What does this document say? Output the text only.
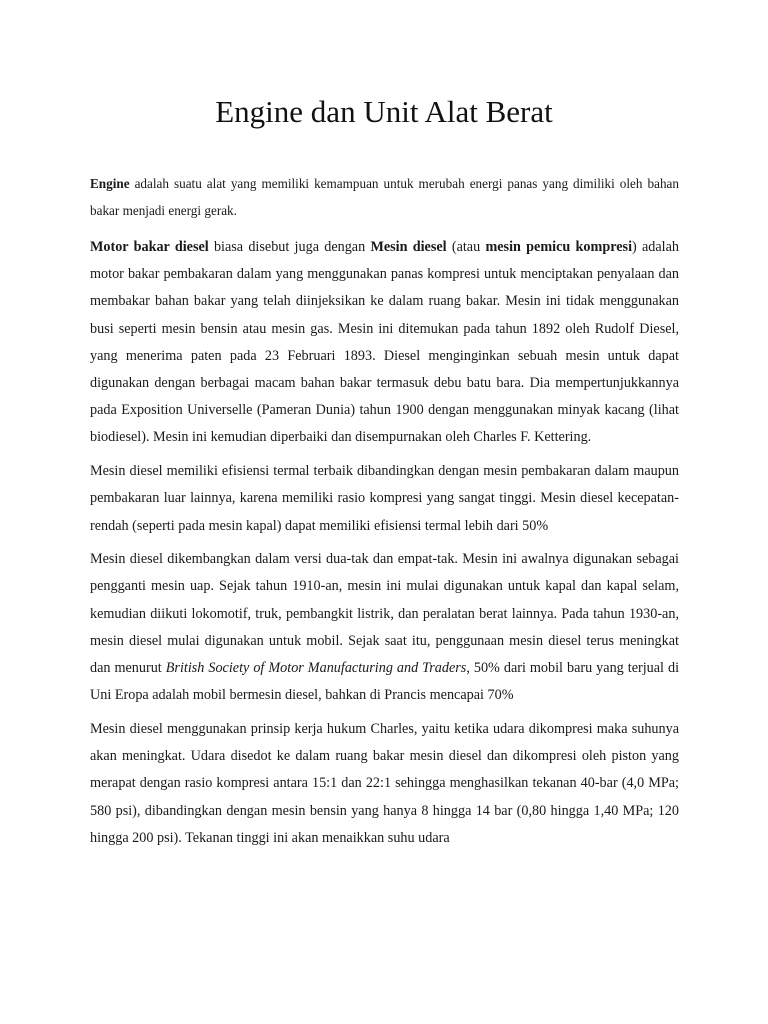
Engine dan Unit Alat Berat

Engine adalah suatu alat yang memiliki kemampuan untuk merubah energi panas yang dimiliki oleh bahan bakar menjadi energi gerak.

Motor bakar diesel biasa disebut juga dengan Mesin diesel (atau mesin pemicu kompresi) adalah motor bakar pembakaran dalam yang menggunakan panas kompresi untuk menciptakan penyalaan dan membakar bahan bakar yang telah diinjeksikan ke dalam ruang bakar. Mesin ini tidak menggunakan busi seperti mesin bensin atau mesin gas. Mesin ini ditemukan pada tahun 1892 oleh Rudolf Diesel, yang menerima paten pada 23 Februari 1893. Diesel menginginkan sebuah mesin untuk dapat digunakan dengan berbagai macam bahan bakar termasuk debu batu bara. Dia mempertunjukkannya pada Exposition Universelle (Pameran Dunia) tahun 1900 dengan menggunakan minyak kacang (lihat biodiesel). Mesin ini kemudian diperbaiki dan disempurnakan oleh Charles F. Kettering.

Mesin diesel memiliki efisiensi termal terbaik dibandingkan dengan mesin pembakaran dalam maupun pembakaran luar lainnya, karena memiliki rasio kompresi yang sangat tinggi. Mesin diesel kecepatan-rendah (seperti pada mesin kapal) dapat memiliki efisiensi termal lebih dari 50%

Mesin diesel dikembangkan dalam versi dua-tak dan empat-tak. Mesin ini awalnya digunakan sebagai pengganti mesin uap. Sejak tahun 1910-an, mesin ini mulai digunakan untuk kapal dan kapal selam, kemudian diikuti lokomotif, truk, pembangkit listrik, dan peralatan berat lainnya. Pada tahun 1930-an, mesin diesel mulai digunakan untuk mobil. Sejak saat itu, penggunaan mesin diesel terus meningkat dan menurut British Society of Motor Manufacturing and Traders, 50% dari mobil baru yang terjual di Uni Eropa adalah mobil bermesin diesel, bahkan di Prancis mencapai 70%

Mesin diesel menggunakan prinsip kerja hukum Charles, yaitu ketika udara dikompresi maka suhunya akan meningkat. Udara disedot ke dalam ruang bakar mesin diesel dan dikompresi oleh piston yang merapat dengan rasio kompresi antara 15:1 dan 22:1 sehingga menghasilkan tekanan 40-bar (4,0 MPa; 580 psi), dibandingkan dengan mesin bensin yang hanya 8 hingga 14 bar (0,80 hingga 1,40 MPa; 120 hingga 200 psi). Tekanan tinggi ini akan menaikkan suhu udara
